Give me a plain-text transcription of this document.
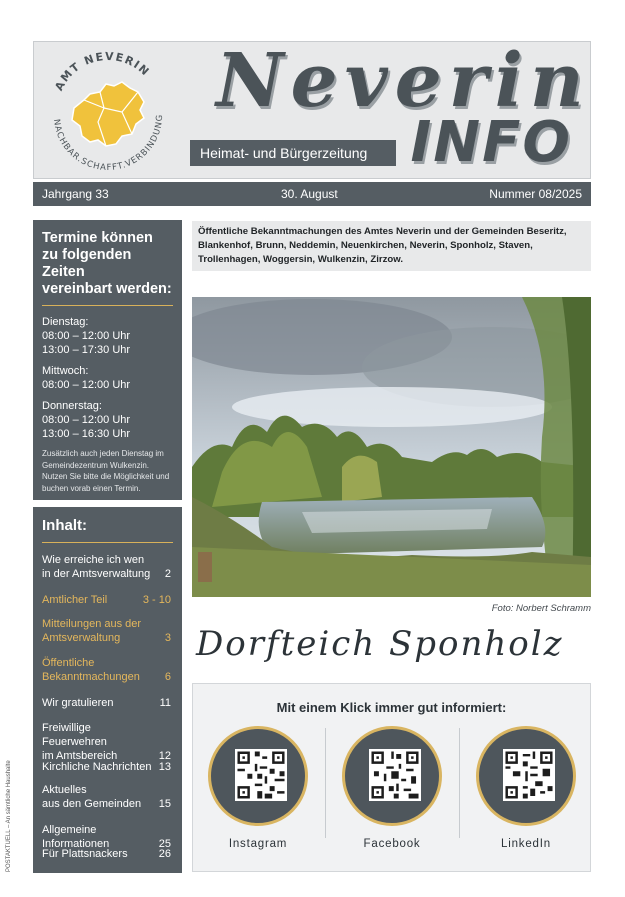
AMT NEVERIN
NACHBAR.SCHAFFT.VERBINDUNG Neverin
INFO
Heimat- und Bürgerzeitung
Jahrgang 33	30. August	Nummer 08/2025
Termine können
zu folgenden Zeiten
vereinbart werden:
Dienstag:
08:00 – 12:00 Uhr
13:00 – 17:30 Uhr
Mittwoch:
08:00 – 12:00 Uhr
Donnerstag:
08:00 – 12:00 Uhr
13:00 – 16:30 Uhr
Zusätzlich auch jeden Dienstag im Gemeindezentrum Wulkenzin. Nutzen Sie bitte die Möglichkeit und buchen vorab einen Termin.
Inhalt:
Wie erreiche ich wen
in der Amtsverwaltung 2
Amtlicher Teil	3 - 10
Mitteilungen aus der
Amtsverwaltung	3
Öffentliche
Bekanntmachungen	6
Wir gratulieren	11
Freiwillige Feuerwehren
im Amtsbereich	12
Kirchliche Nachrichten 13
Aktuelles
aus den Gemeinden	15
Allgemeine Informationen	25
Für Plattsnackers	26
Öffentliche Bekanntmachungen des Amtes Neverin und der Gemeinden Beseritz, Blankenhof, Brunn, Neddemin, Neuenkirchen, Neverin, Sponholz, Staven, Trollenhagen, Woggersin, Wulkenzin, Zirzow.
Foto: Norbert Schramm
Dorfteich Sponholz
Mit einem Klick immer gut informiert:
Instagram	Facebook	LinkedIn
POSTAKTUELL – An sämtliche Haushalte
